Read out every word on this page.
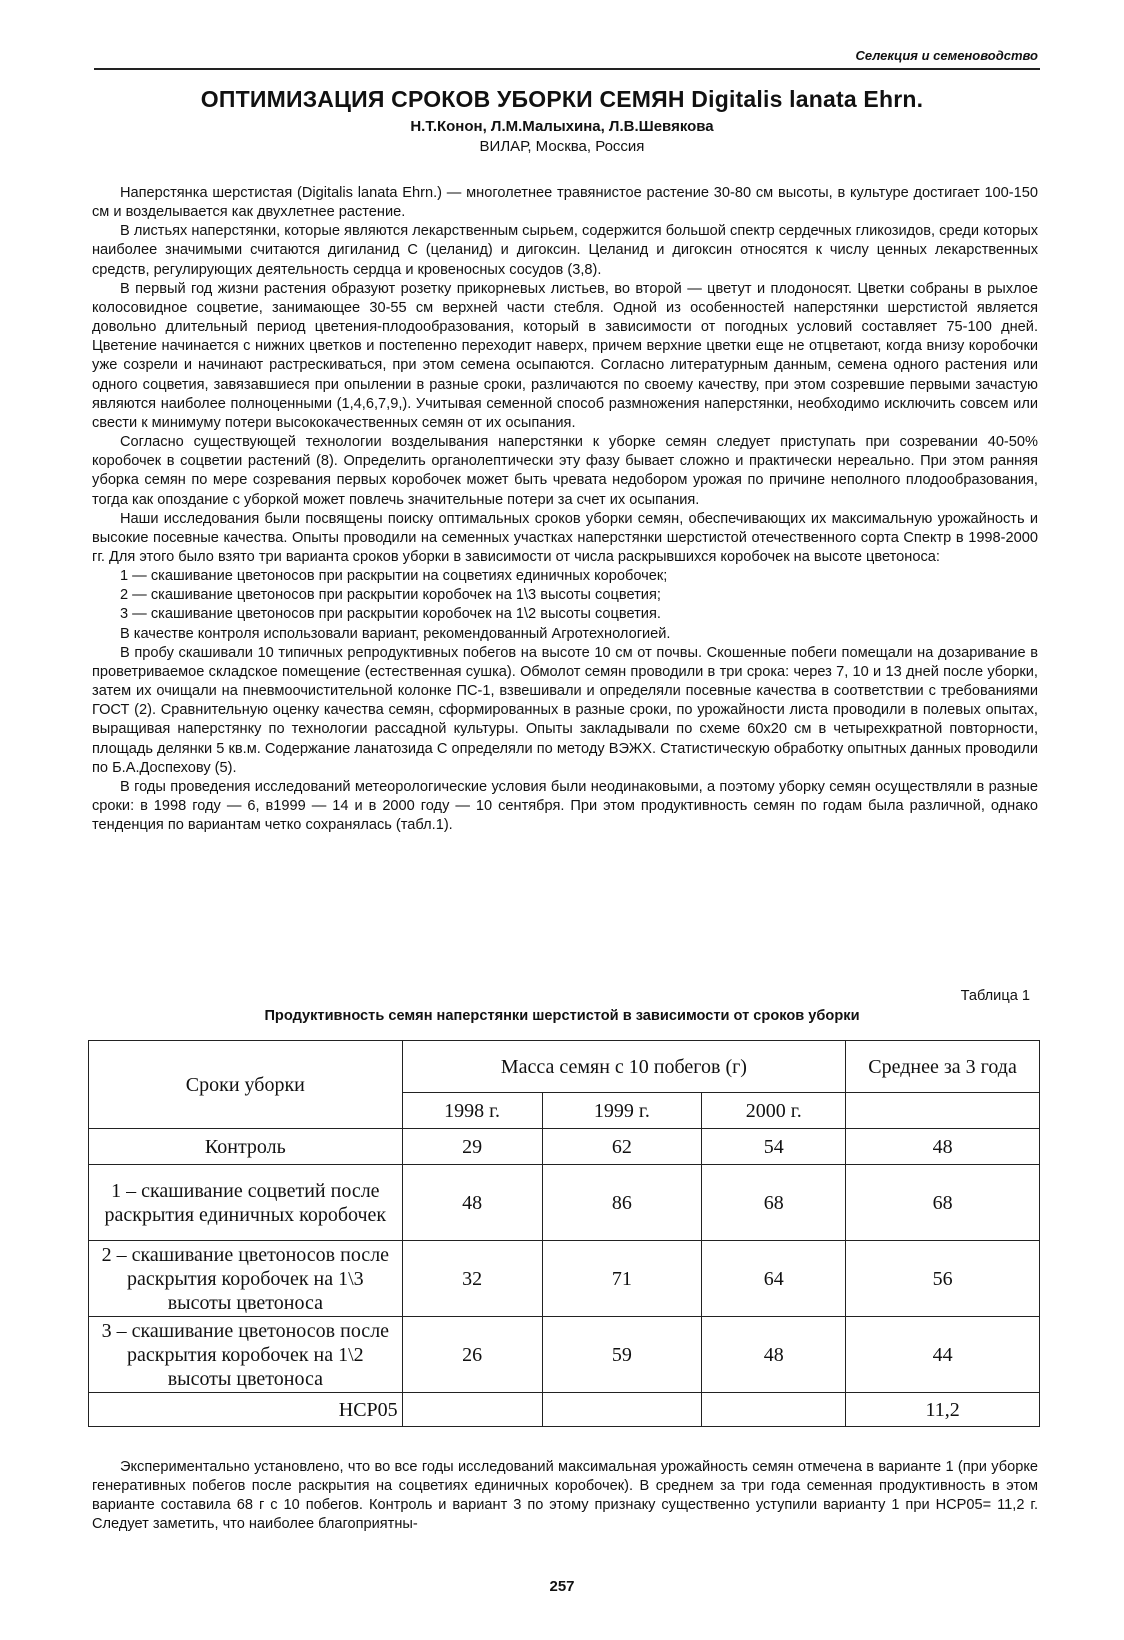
Селекция и семеноводство
ОПТИМИЗАЦИЯ СРОКОВ УБОРКИ СЕМЯН Digitalis lanata Ehrn.
Н.Т.Конон, Л.М.Малыхина, Л.В.Шевякова
ВИЛАР, Москва, Россия

Наперстянка шерстистая (Digitalis lanata Ehrn.) — многолетнее травянистое растение 30-80 см высоты, в культуре достигает 100-150 см и возделывается как двухлетнее растение.

В листьях наперстянки, которые являются лекарственным сырьем, содержится большой спектр сердечных гликозидов, среди которых наиболее значимыми считаются дигиланид С (целанид) и дигоксин. Целанид и дигоксин относятся к числу ценных лекарственных средств, регулирующих деятельность сердца и кровеносных сосудов (3,8).

В первый год жизни растения образуют розетку прикорневых листьев, во второй — цветут и плодоносят. Цветки собраны в рыхлое колосовидное соцветие, занимающее 30-55 см верхней части стебля. Одной из особенностей наперстянки шерстистой является довольно длительный период цветения-плодообразования, который в зависимости от погодных условий составляет 75-100 дней. Цветение начинается с нижних цветков и постепенно переходит наверх, причем верхние цветки еще не отцветают, когда внизу коробочки уже созрели и начинают растрескиваться, при этом семена осыпаются. Согласно литературным данным, семена одного растения или одного соцветия, завязавшиеся при опылении в разные сроки, различаются по своему качеству, при этом созревшие первыми зачастую являются наиболее полноценными (1,4,6,7,9,). Учитывая семенной способ размножения наперстянки, необходимо исключить совсем или свести к минимуму потери высококачественных семян от их осыпания.

Согласно существующей технологии возделывания наперстянки к уборке семян следует приступать при созревании 40-50% коробочек в соцветии растений (8). Определить органолептически эту фазу бывает сложно и практически нереально. При этом ранняя уборка семян по мере созревания первых коробочек может быть чревата недобором урожая по причине неполного плодообразования, тогда как опоздание с уборкой может повлечь значительные потери за счет их осыпания.

Наши исследования были посвящены поиску оптимальных сроков уборки семян, обеспечивающих их максимальную урожайность и высокие посевные качества. Опыты проводили на семенных участках наперстянки шерстистой отечественного сорта Спектр в 1998-2000 гг. Для этого было взято три варианта сроков уборки в зависимости от числа раскрывшихся коробочек на высоте цветоноса:

1 — скашивание цветоносов при раскрытии на соцветиях единичных коробочек;

2 — скашивание цветоносов при раскрытии коробочек на 1\3 высоты соцветия;

3 — скашивание цветоносов при раскрытии коробочек на 1\2 высоты соцветия.

В качестве контроля использовали вариант, рекомендованный Агротехнологией.

В пробу скашивали 10 типичных репродуктивных побегов на высоте 10 см от почвы. Скошенные побеги помещали на дозаривание в проветриваемое складское помещение (естественная сушка). Обмолот семян проводили в три срока: через 7, 10 и 13 дней после уборки, затем их очищали на пневмоочистительной колонке ПС-1, взвешивали и определяли посевные качества в соответствии с требованиями ГОСТ (2). Сравнительную оценку качества семян, сформированных в разные сроки, по урожайности листа проводили в полевых опытах, выращивая наперстянку по технологии рассадной культуры. Опыты закладывали по схеме 60х20 см в четырехкратной повторности, площадь делянки 5 кв.м. Содержание ланатозида С определяли по методу ВЭЖХ. Статистическую обработку опытных данных проводили по Б.А.Доспехову (5).

В годы проведения исследований метеорологические условия были неодинаковыми, а поэтому уборку семян осуществляли в разные сроки: в 1998 году — 6, в1999 — 14 и в 2000 году — 10 сентября. При этом продуктивность семян по годам была различной, однако тенденция по вариантам четко сохранялась (табл.1).

Таблица 1
Продуктивность семян наперстянки шерстистой в зависимости от сроков уборки
Сроки уборки	Масса семян с 10 побегов (г)			Среднее за 3 года
	1998 г.	1999 г.	2000 г.	
Контроль	29	62	54	48
1 – скашивание соцветий после раскрытия единичных коробочек	48	86	68	68
2 – скашивание цветоносов после раскрытия коробочек на 1\3 высоты цветоноса	32	71	64	56
3 – скашивание цветоносов после раскрытия коробочек на 1\2 высоты цветоноса	26	59	48	44
НСР05				11,2

Экспериментально установлено, что во все годы исследований максимальная урожайность семян отмечена в варианте 1 (при уборке генеративных побегов после раскрытия на соцветиях единичных коробочек). В среднем за три года семенная продуктивность в этом варианте составила 68 г с 10 побегов. Контроль и вариант 3 по этому признаку существенно уступили варианту 1 при НСР05= 11,2 г. Следует заметить, что наиболее благоприятны-

257
